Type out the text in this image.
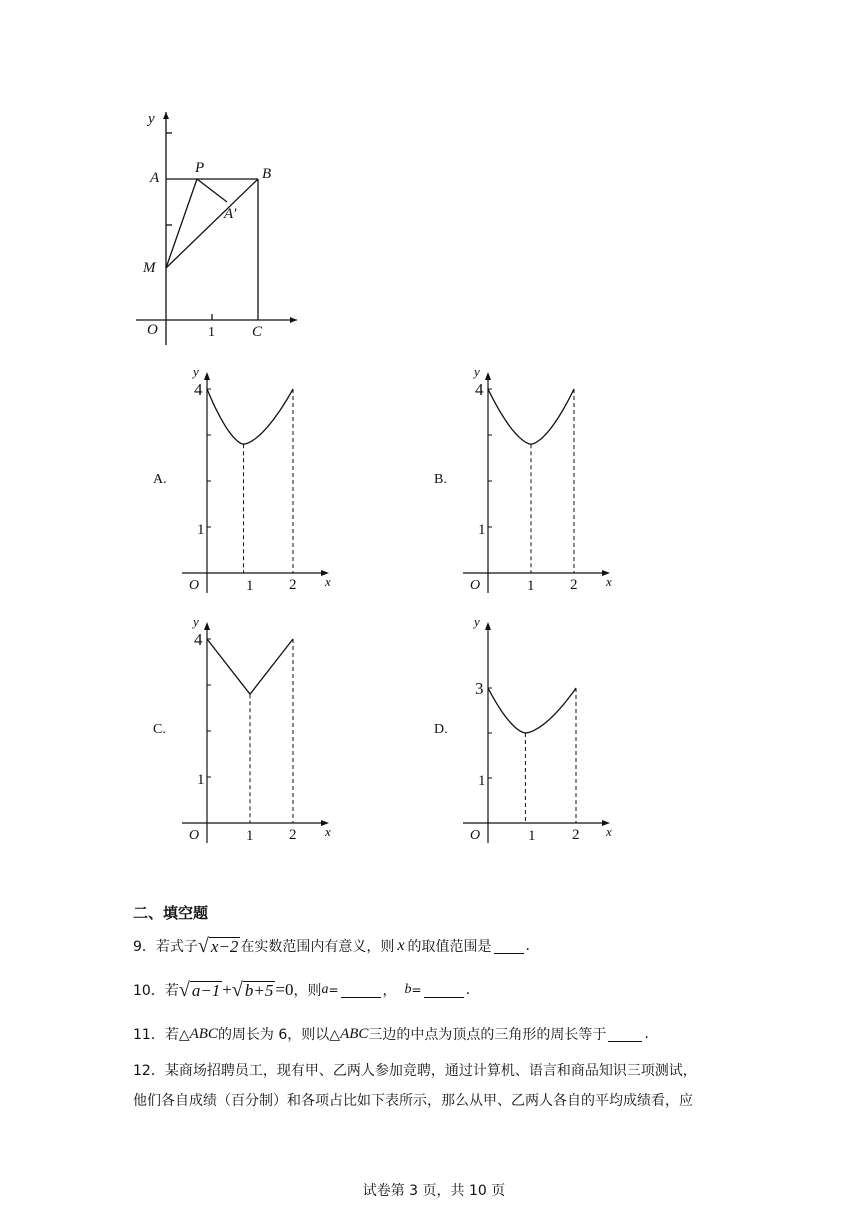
y
A
P	B
A′
M
O	1 C
y
4
1
O	1 2 x
y
4
1
O	1 2 x
y
4
1
O	1 2 x
y
3
1
O	1 2 x
A.	B.
C.	D.
二、填空题
9．若式子 √ x−2 在实数范围内有意义，则 x 的取值范围是 .
10．若 √ a−1 + √ b+5 =0 ，则 a =	， b =	.
11．若△ ABC 的周长为 6，则以△ ABC 三边的中点为顶点的三角形的周长等于	.
12．某商场招聘员工，现有甲、乙两人参加竞聘，通过计算机、语言和商品知识三项测试，
他们各自成绩（百分制）和各项占比如下表所示，那么从甲、乙两人各自的平均成绩看，应
试卷第 3 页，共 10 页
